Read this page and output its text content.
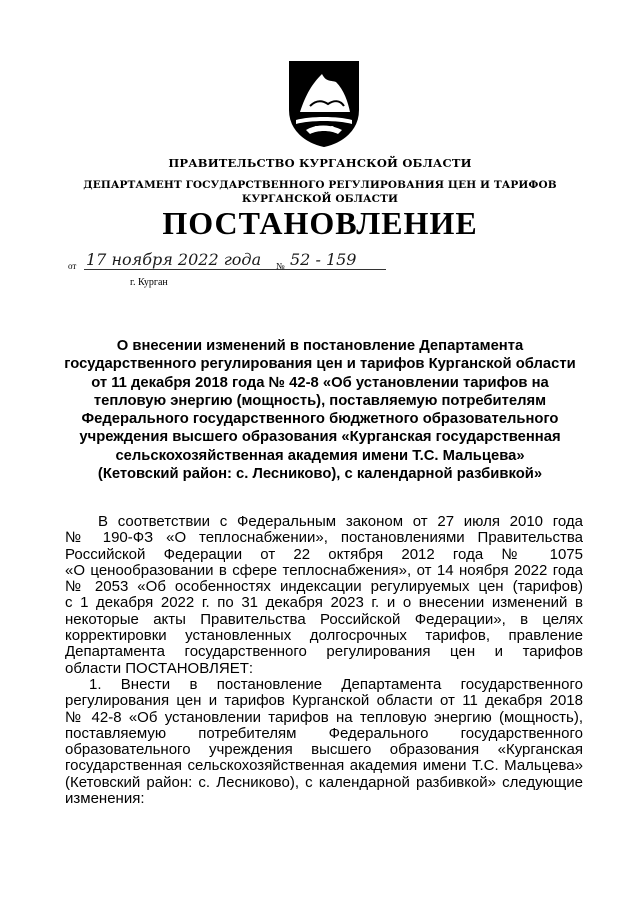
ПРАВИТЕЛЬСТВО КУРГАНСКОЙ ОБЛАСТИ
ДЕПАРТАМЕНТ ГОСУДАРСТВЕННОГО РЕГУЛИРОВАНИЯ ЦЕН И ТАРИФОВ
КУРГАНСКОЙ ОБЛАСТИ
ПОСТАНОВЛЕНИЕ
от 17 ноября 2022 года № 52 - 159
г. Курган
О внесении изменений в постановление Департамента
государственного регулирования цен и тарифов Курганской области
от 11 декабря 2018 года № 42-8 «Об установлении тарифов на
тепловую энергию (мощность), поставляемую потребителям
Федерального государственного бюджетного образовательного
учреждения высшего образования «Курганская государственная
сельскохозяйственная академия имени Т.С. Мальцева»
(Кетовский район: с. Лесниково), с календарной разбивкой»
В соответствии с Федеральным законом от 27 июля 2010 года
№ 190-ФЗ «О теплоснабжении», постановлениями Правительства
Российской Федерации от 22 октября 2012 года № 1075
«О ценообразовании в сфере теплоснабжения», от 14 ноября 2022 года
№ 2053 «Об особенностях индексации регулируемых цен (тарифов)
с 1 декабря 2022 г. по 31 декабря 2023 г. и о внесении изменений в
некоторые акты Правительства Российской Федерации», в целях
корректировки установленных долгосрочных тарифов, правление
Департамента государственного регулирования цен и тарифов
области ПОСТАНОВЛЯЕТ:
1. Внести в постановление Департамента государственного
регулирования цен и тарифов Курганской области от 11 декабря 2018
№ 42-8 «Об установлении тарифов на тепловую энергию (мощность),
поставляемую потребителям Федерального государственного
образовательного учреждения высшего образования «Курганская
государственная сельскохозяйственная академия имени Т.С. Мальцева»
(Кетовский район: с. Лесниково), с календарной разбивкой» следующие
изменения:
